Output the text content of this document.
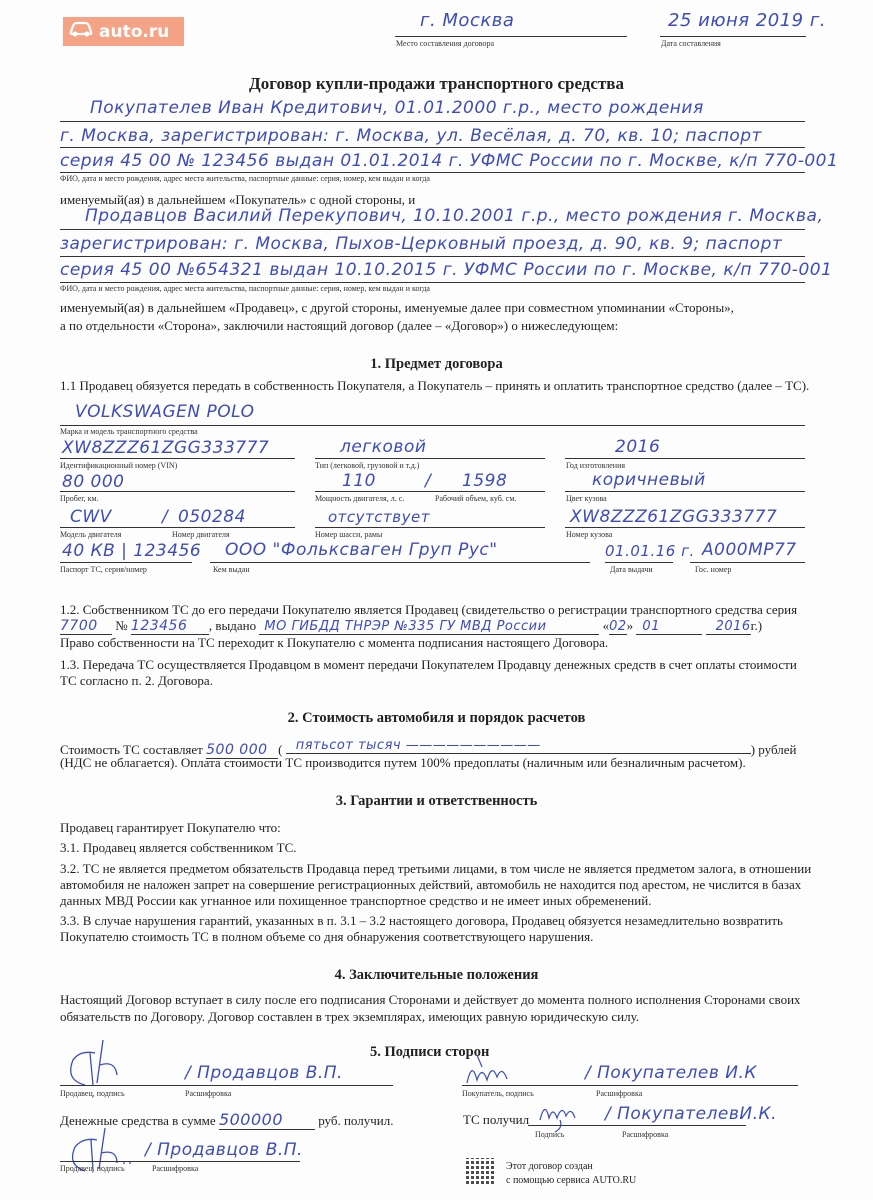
auto.ru
г. Москва
Место составления договора
25 июня 2019 г.
Дата составления
Договор купли-продажи транспортного средства
Покупателев Иван Кредитович, 01.01.2000 г.р., место рождения
г. Москва, зарегистрирован: г. Москва, ул. Весёлая, д. 70, кв. 10; паспорт
серия 45 00 № 123456 выдан 01.01.2014 г. УФМС России по г. Москве, к/п 770-001
ФИО, дата и место рождения, адрес места жительства, паспортные данные: серия, номер, кем выдан и когда
именуемый(ая) в дальнейшем «Покупатель» с одной стороны, и
Продавцов Василий Перекупович, 10.10.2001 г.р., место рождения г. Москва,
зарегистрирован: г. Москва, Пыхов-Церковный проезд, д. 90, кв. 9; паспорт
серия 45 00 №654321 выдан 10.10.2015 г. УФМС России по г. Москве, к/п 770-001
ФИО, дата и место рождения, адрес места жительства, паспортные данные: серия, номер, кем выдан и когда
именуемый(ая) в дальнейшем «Продавец», с другой стороны, именуемые далее при совместном упоминании «Стороны»,
а по отдельности «Сторона», заключили настоящий договор (далее – «Договор») о нижеследующем:
1. Предмет договора
1.1 Продавец обязуется передать в собственность Покупателя, а Покупатель – принять и оплатить транспортное средство (далее – ТС).
VOLKSWAGEN POLO
Марка и модель транспортного средства
XW8ZZZ61ZGG333777
Идентификационный номер (VIN)
легковой
Тип (легковой, грузовой и т.д.)
2016
Год изготовления
80 000
Пробег, км.
110	/ 1598
Мощность двигателя, л. с.	Рабочий объем, куб. см.
коричневый
Цвет кузова
CWV	/ 050284
Модель двигателя	Номер двигателя
отсутствует
Номер шасси, рамы
XW8ZZZ61ZGG333777
Номер кузова
40 КВ | 123456
Паспорт ТС, серия/номер
ООО "Фольксваген Груп Рус"
Кем выдан
01.01.16 г.
Дата выдачи
А000МР77
Гос. номер
1.2. Собственником ТС до его передачи Покупателю является Продавец (свидетельство о регистрации транспортного средства серия
7700 № 123456 , выдано МО ГИБДД ТНРЭР №335 ГУ МВД России	«02» 01	2016г.)
Право собственности на ТС переходит к Покупателю с момента подписания настоящего Договора.
1.3. Передача ТС осуществляется Продавцом в момент передачи Покупателем Продавцу денежных средств в счет оплаты стоимости
ТС согласно п. 2. Договора.
2. Стоимость автомобиля и порядок расчетов
Стоимость ТС составляет 500 000 ( пятьсот тысяч ——————————	) рублей
(НДС не облагается). Оплата стоимости ТС производится путем 100% предоплаты (наличным или безналичным расчетом).
3. Гарантии и ответственность
Продавец гарантирует Покупателю что:
3.1. Продавец является собственником ТС.
3.2. ТС не является предметом обязательств Продавца перед третьими лицами, в том числе не является предметом залога, в отношении
автомобиля не наложен запрет на совершение регистрационных действий, автомобиль не находится под арестом, не числится в базах
данных МВД России как угнанное или похищенное транспортное средство и не имеет иных обременений.
3.3. В случае нарушения гарантий, указанных в п. 3.1 – 3.2 настоящего договора, Продавец обязуется незамедлительно возвратить
Покупателю стоимость ТС в полном объеме со дня обнаружения соответствующего нарушения.
4. Заключительные положения
Настоящий Договор вступает в силу после его подписания Сторонами и действует до момента полного исполнения Сторонами своих
обязательств по Договору. Договор составлен в трех экземплярах, имеющих равную юридическую силу.
5. Подписи сторон
/ Продавцов В.П.
Продавец, подпись	Расшифровка
/ Покупателев И.К
Покупатель, подпись	Расшифровка
Денежные средства в сумме 500000	руб. получил.	ТС получил	/ ПокупателевИ.К.
Подпись	Расшифровка
/ Продавцов В.П.
Продавец, подпись	Расшифровка	Этот договор создан
с помощью сервиса AUTO.RU
